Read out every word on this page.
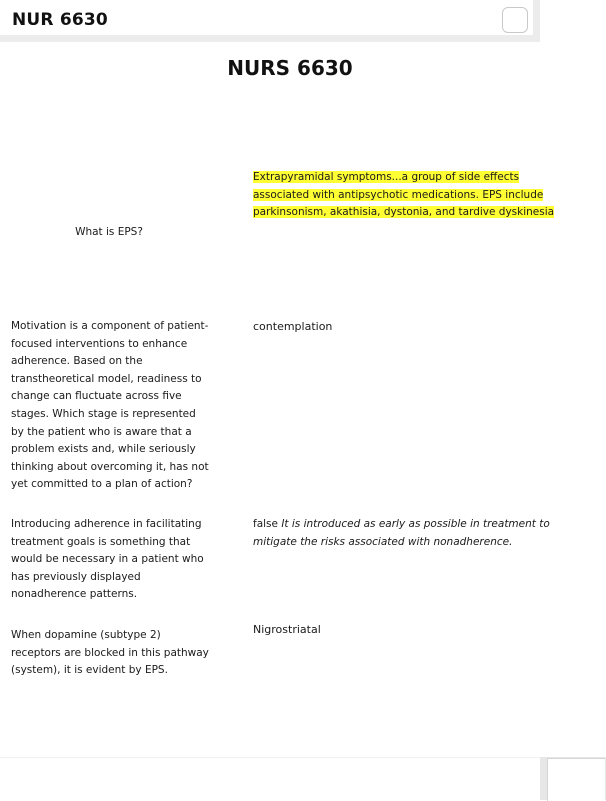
NUR 6630
NURS 6630
What is EPS?
Extrapyramidal symptoms...a group of side effects associated with antipsychotic medications. EPS include parkinsonism, akathisia, dystonia, and tardive dyskinesia
Motivation is a component of patient-focused interventions to enhance adherence. Based on the transtheoretical model, readiness to change can fluctuate across five stages. Which stage is represented by the patient who is aware that a problem exists and, while seriously thinking about overcoming it, has not yet committed to a plan of action?
contemplation
Introducing adherence in facilitating treatment goals is something that would be necessary in a patient who has previously displayed nonadherence patterns.
false It is introduced as early as possible in treatment to mitigate the risks associated with nonadherence.
When dopamine (subtype 2) receptors are blocked in this pathway (system), it is evident by EPS.
Nigrostriatal
